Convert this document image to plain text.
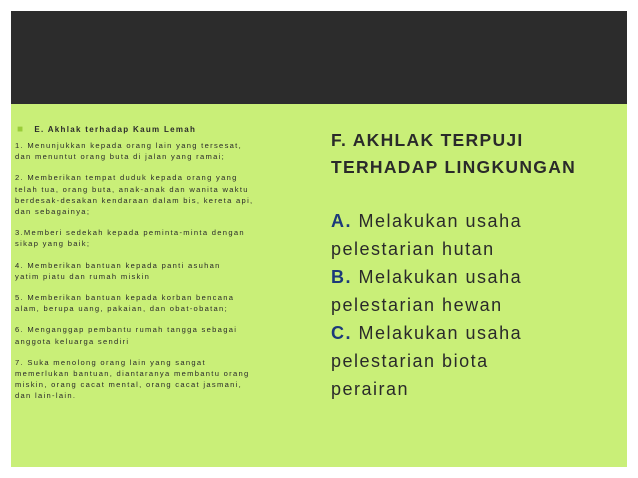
■ E. Akhlak terhadap Kaum Lemah
1. Menunjukkan kepada orang lain yang tersesat,
dan menuntut orang buta di jalan yang ramai;
2. Memberikan tempat duduk kepada orang yang
telah tua, orang buta, anak-anak dan wanita waktu
berdesak-desakan kendaraan dalam bis, kereta api,
dan sebagainya;
3.Memberi sedekah kepada peminta-minta dengan
sikap yang baik;
4. Memberikan bantuan kepada panti asuhan
yatim piatu dan rumah miskin
5. Memberikan bantuan kepada korban bencana
alam, berupa uang, pakaian, dan obat-obatan;
6. Menganggap pembantu rumah tangga sebagai
anggota keluarga sendiri
7. Suka menolong orang lain yang sangat
memerlukan bantuan, diantaranya membantu orang
miskin, orang cacat mental, orang cacat jasmani,
dan lain-lain.
F. AKHLAK TERPUJI
TERHADAP LINGKUNGAN
A. Melakukan usaha
pelestarian hutan
B. Melakukan usaha
pelestarian hewan
C. Melakukan usaha
pelestarian biota
perairan
